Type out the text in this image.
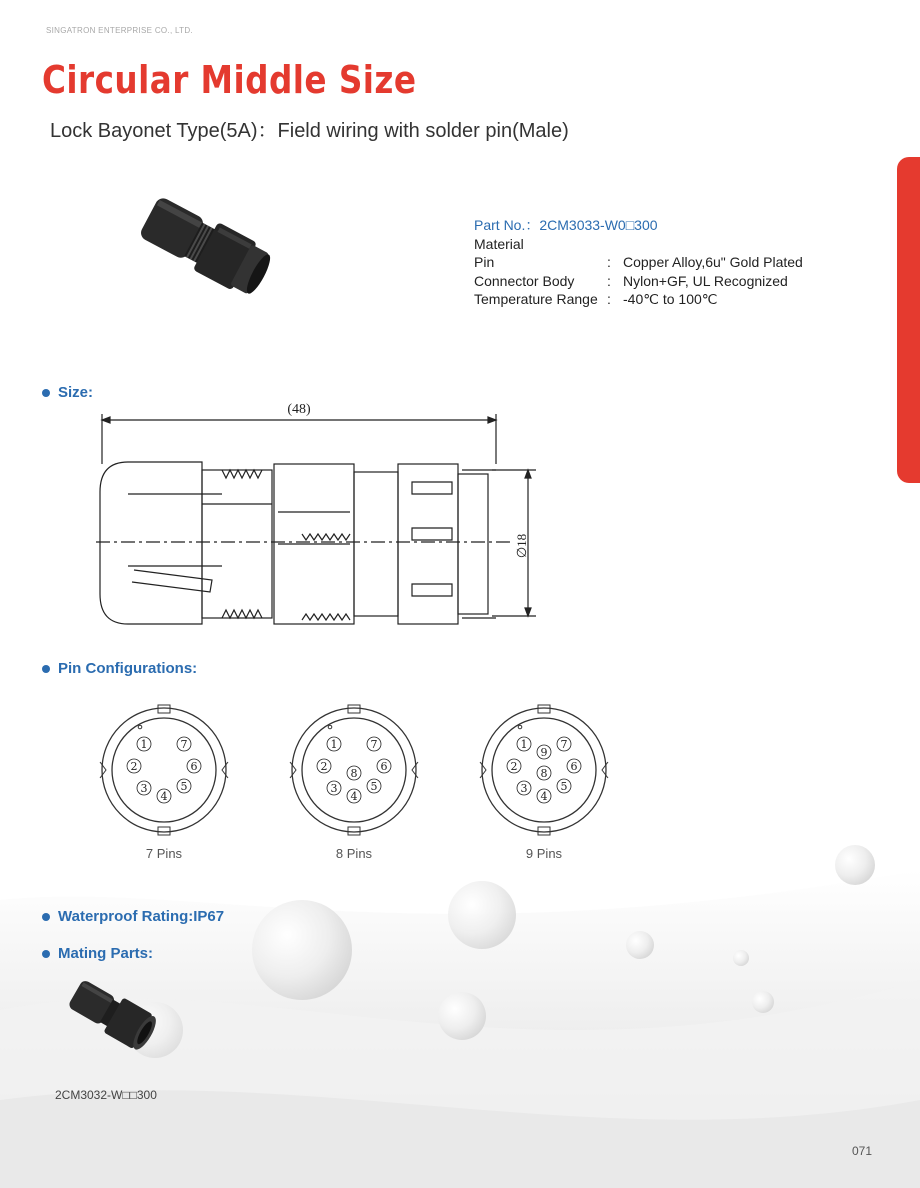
SINGATRON ENTERPRISE CO., LTD.
Circular Middle Size
Lock Bayonet Type(5A)：Field wiring with solder pin(Male)
Part No.：2CM3033-W0□300
Material
Pin	: Copper Alloy,6u" Gold Plated
Connector Body	: Nylon+GF, UL Recognized
Temperature Range : -40℃ to 100℃
Size:
(48)
∅18
Pin Configurations:
1	7
2	6
3	5
4
1	7
2	6
3	5
4
8
1	7
2	6
3	5
4
8
9
7 Pins	8 Pins	9 Pins
Waterproof Rating:IP67
Mating Parts:
2CM3032-W□□300
071
